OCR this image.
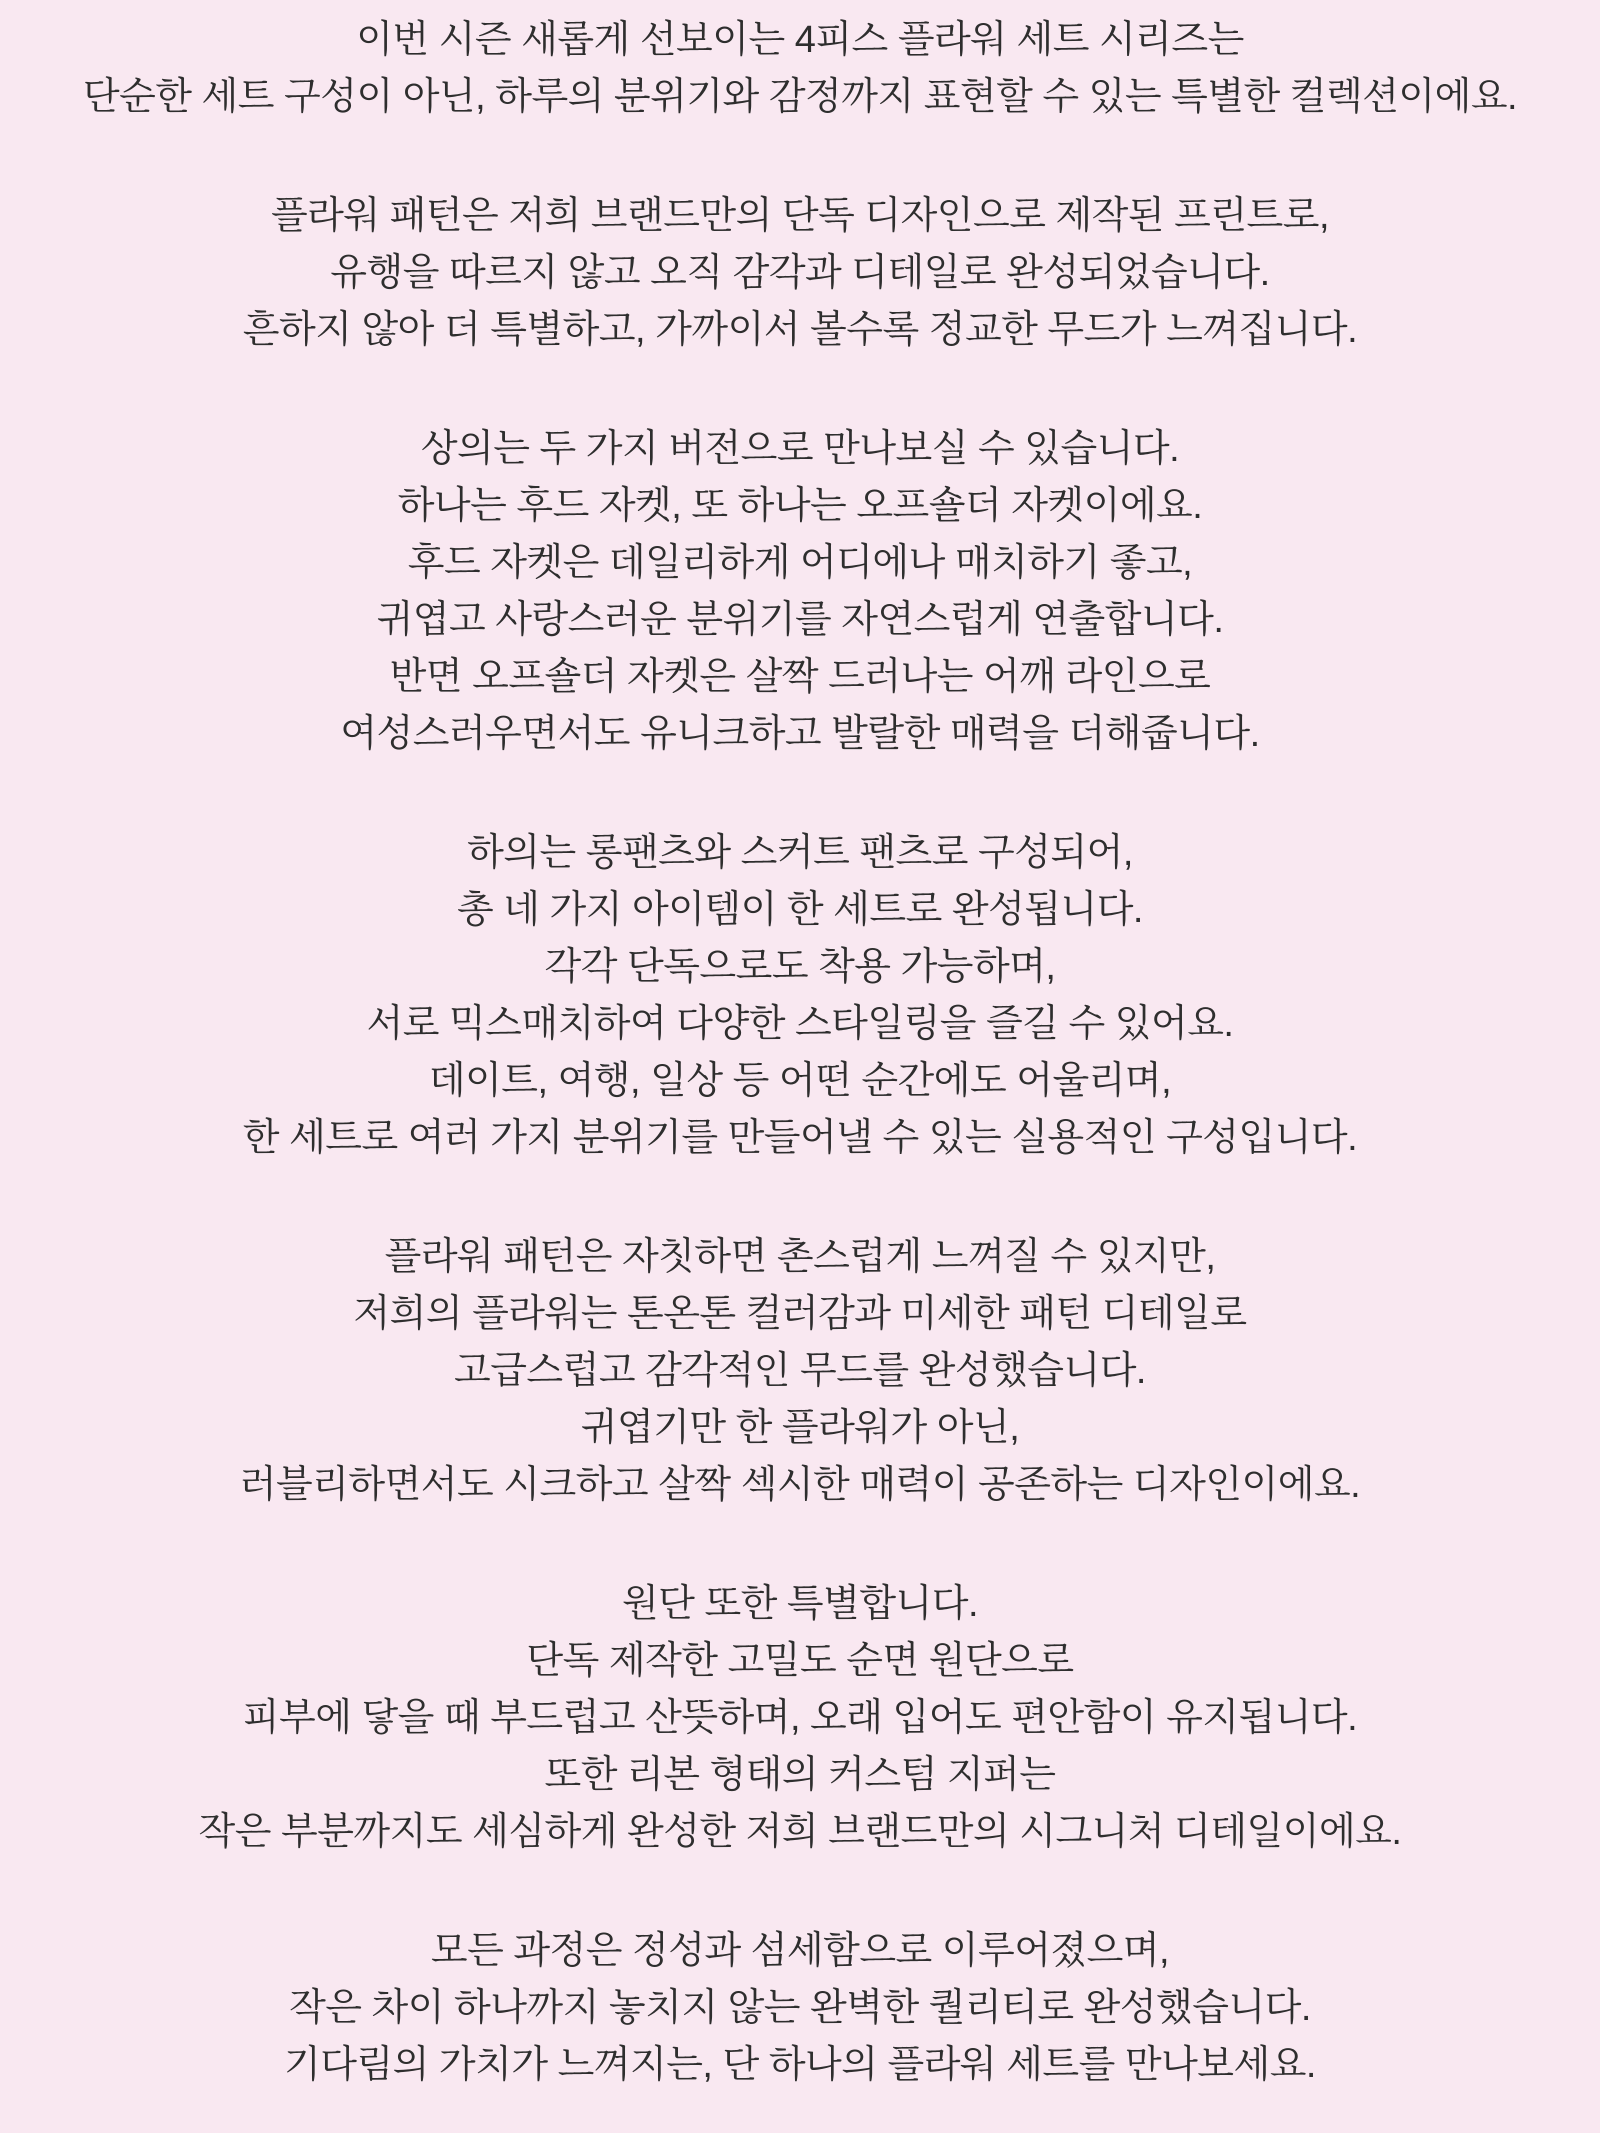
이번 시즌 새롭게 선보이는 4피스 플라워 세트 시리즈는
단순한 세트 구성이 아닌, 하루의 분위기와 감정까지 표현할 수 있는 특별한 컬렉션이에요.
플라워 패턴은 저희 브랜드만의 단독 디자인으로 제작된 프린트로,
유행을 따르지 않고 오직 감각과 디테일로 완성되었습니다.
흔하지 않아 더 특별하고, 가까이서 볼수록 정교한 무드가 느껴집니다.
상의는 두 가지 버전으로 만나보실 수 있습니다.
하나는 후드 자켓, 또 하나는 오프숄더 자켓이에요.
후드 자켓은 데일리하게 어디에나 매치하기 좋고,
귀엽고 사랑스러운 분위기를 자연스럽게 연출합니다.
반면 오프숄더 자켓은 살짝 드러나는 어깨 라인으로
여성스러우면서도 유니크하고 발랄한 매력을 더해줍니다.
하의는 롱팬츠와 스커트 팬츠로 구성되어,
총 네 가지 아이템이 한 세트로 완성됩니다.
각각 단독으로도 착용 가능하며,
서로 믹스매치하여 다양한 스타일링을 즐길 수 있어요.
데이트, 여행, 일상 등 어떤 순간에도 어울리며,
한 세트로 여러 가지 분위기를 만들어낼 수 있는 실용적인 구성입니다.
플라워 패턴은 자칫하면 촌스럽게 느껴질 수 있지만,
저희의 플라워는 톤온톤 컬러감과 미세한 패턴 디테일로
고급스럽고 감각적인 무드를 완성했습니다.
귀엽기만 한 플라워가 아닌,
러블리하면서도 시크하고 살짝 섹시한 매력이 공존하는 디자인이에요.
원단 또한 특별합니다.
단독 제작한 고밀도 순면 원단으로
피부에 닿을 때 부드럽고 산뜻하며, 오래 입어도 편안함이 유지됩니다.
또한 리본 형태의 커스텀 지퍼는
작은 부분까지도 세심하게 완성한 저희 브랜드만의 시그니처 디테일이에요.
모든 과정은 정성과 섬세함으로 이루어졌으며,
작은 차이 하나까지 놓치지 않는 완벽한 퀄리티로 완성했습니다.
기다림의 가치가 느껴지는, 단 하나의 플라워 세트를 만나보세요.
